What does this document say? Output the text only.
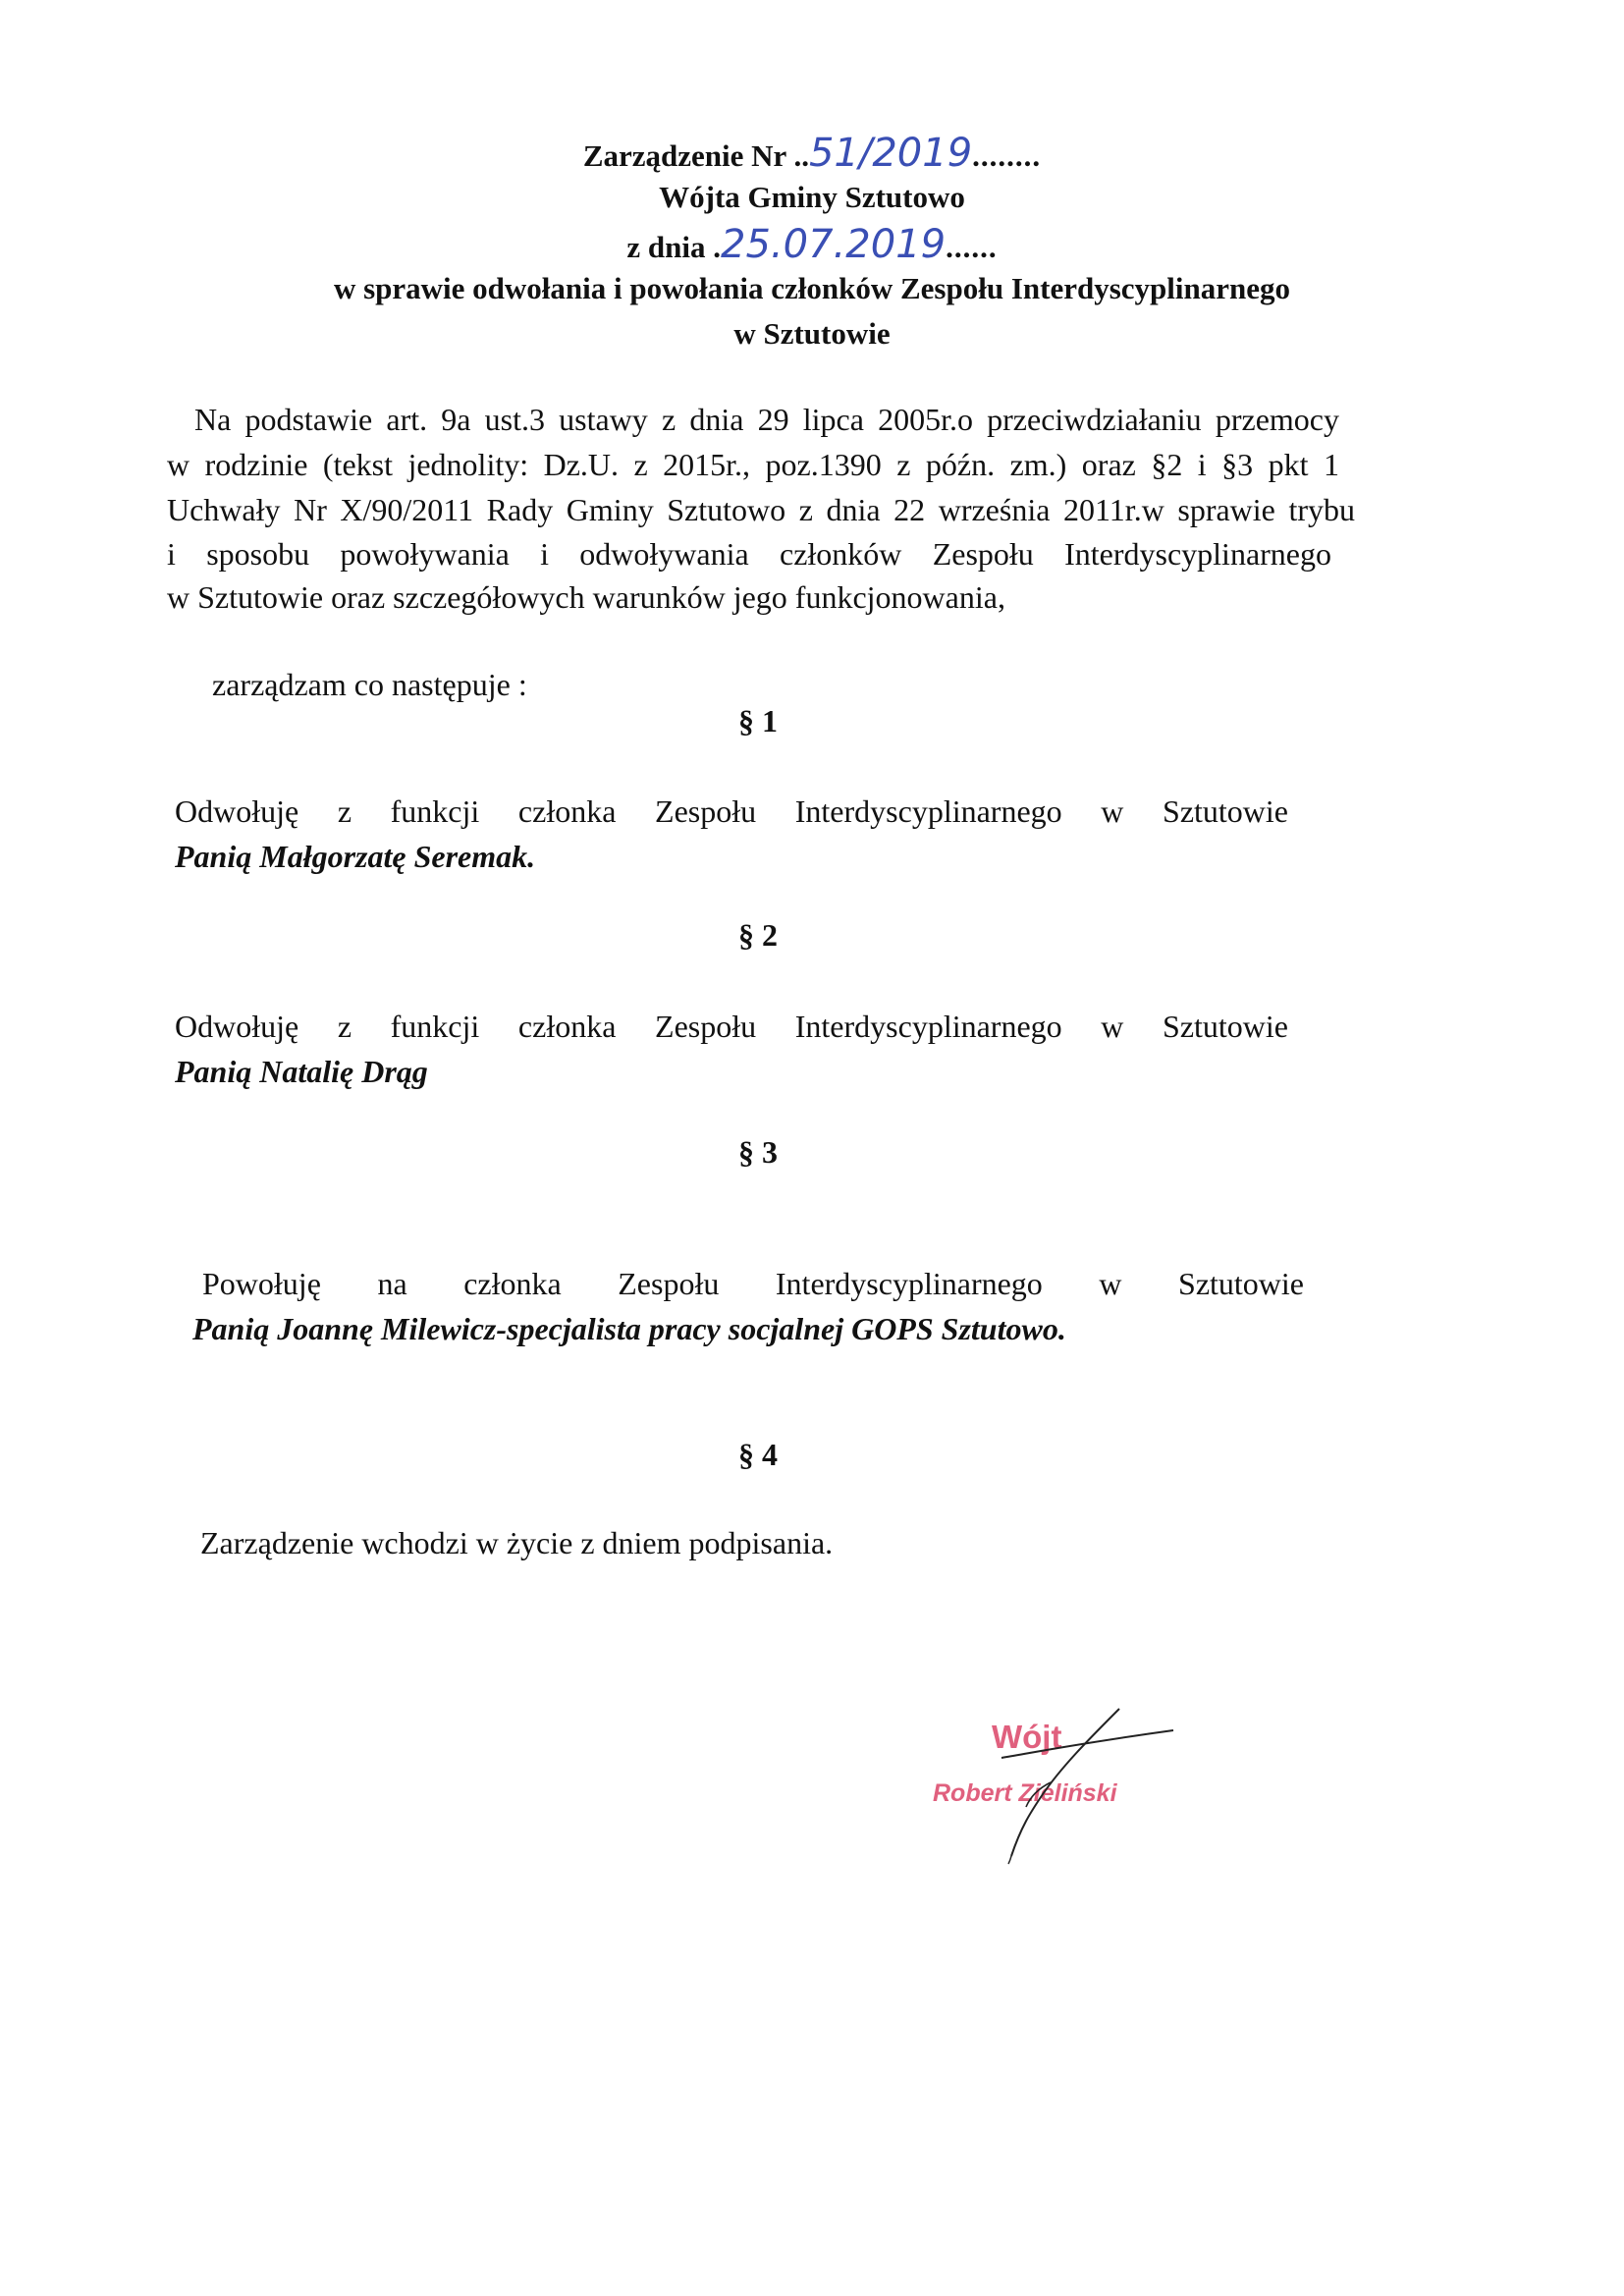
Zarządzenie Nr ..51/2019........
Wójta Gminy Sztutowo
z dnia .25.07.2019......
w sprawie odwołania i powołania członków Zespołu Interdyscyplinarnego
w Sztutowie
Na podstawie art. 9a ust.3 ustawy z dnia 29 lipca 2005r.o przeciwdziałaniu przemocy
w rodzinie (tekst jednolity: Dz.U. z 2015r., poz.1390 z późn. zm.) oraz §2 i §3 pkt 1
Uchwały Nr X/90/2011 Rady Gminy Sztutowo z dnia 22 września 2011r.w sprawie trybu
i sposobu powoływania i odwoływania członków Zespołu Interdyscyplinarnego
w Sztutowie oraz szczegółowych warunków jego funkcjonowania,
zarządzam co następuje :
§ 1
Odwołuję z funkcji członka Zespołu Interdyscyplinarnego w Sztutowie
Panią Małgorzatę Seremak.
§ 2
Odwołuję z funkcji członka Zespołu Interdyscyplinarnego w Sztutowie
Panią Natalię Drąg
§ 3
Powołuję na członka Zespołu Interdyscyplinarnego w Sztutowie
Panią Joannę Milewicz-specjalista pracy socjalnej GOPS Sztutowo.
§ 4
Zarządzenie wchodzi w życie z dniem podpisania.
Wójt
Robert Zieliński
